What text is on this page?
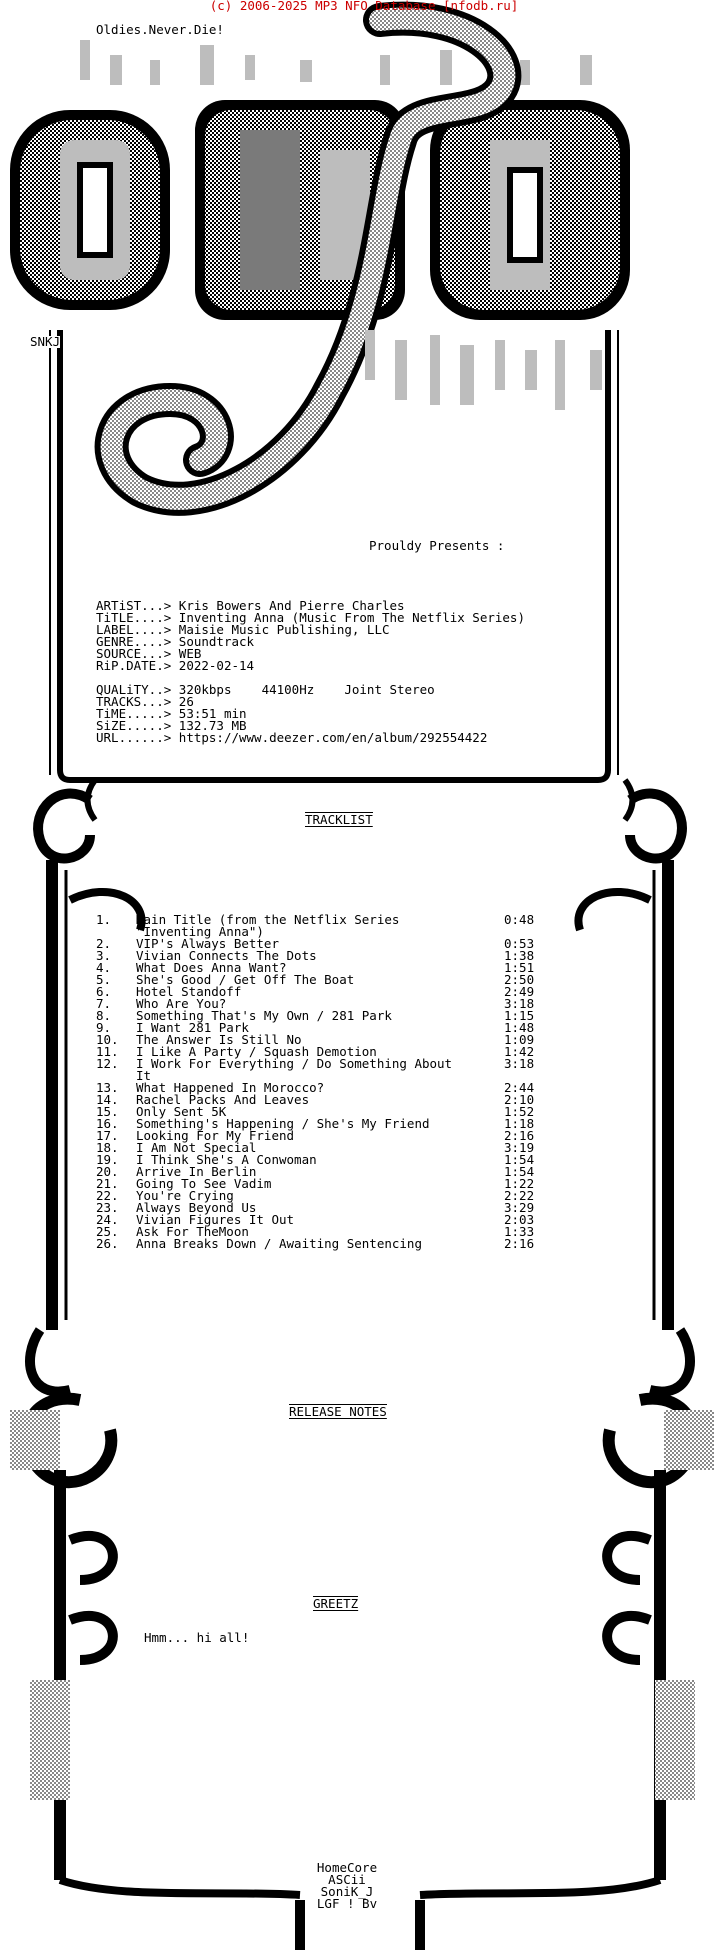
(c) 2006-2025 MP3 NFO Database [nfodb.ru]
Oldies.Never.Die!
SNKJ
Prouldy Presents :
ARTiST...> Kris Bowers And Pierre Charles
TiTLE....> Inventing Anna (Music From The Netflix Series)
LABEL....> Maisie Music Publishing, LLC
GENRE....> Soundtrack
SOURCE...> WEB
RiP.DATE.> 2022-02-14
QUALiTY..> 320kbps    44100Hz    Joint Stereo
TRACKS...> 26
TiME.....> 53:51 min
SiZE.....> 132.73 MB
URL......> https://www.deezer.com/en/album/292554422
TRACKLIST
1. Main Title (from the Netflix Series	0:48
"Inventing Anna")
2. VIP's Always Better	0:53
3. Vivian Connects The Dots	1:38
4. What Does Anna Want?	1:51
5. She's Good / Get Off The Boat	2:50
6. Hotel Standoff	2:49
7. Who Are You?	3:18
8. Something That's My Own / 281 Park	1:15
9. I Want 281 Park	1:48
10. The Answer Is Still No	1:09
11. I Like A Party / Squash Demotion	1:42
12. I Work For Everything / Do Something About	3:18
It
13. What Happened In Morocco?	2:44
14. Rachel Packs And Leaves	2:10
15. Only Sent 5K	1:52
16. Something's Happening / She's My Friend	1:18
17. Looking For My Friend	2:16
18. I Am Not Special	3:19
19. I Think She's A Conwoman	1:54
20. Arrive In Berlin	1:54
21. Going To See Vadim	1:22
22. You're Crying	2:22
23. Always Beyond Us	3:29
24. Vivian Figures It Out	2:03
25. Ask For TheMoon	1:33
26. Anna Breaks Down / Awaiting Sentencing	2:16
RELEASE NOTES
GREETZ
Hmm... hi all!
HomeCore
ASCii
SoniK_J
LGF ! Bv
